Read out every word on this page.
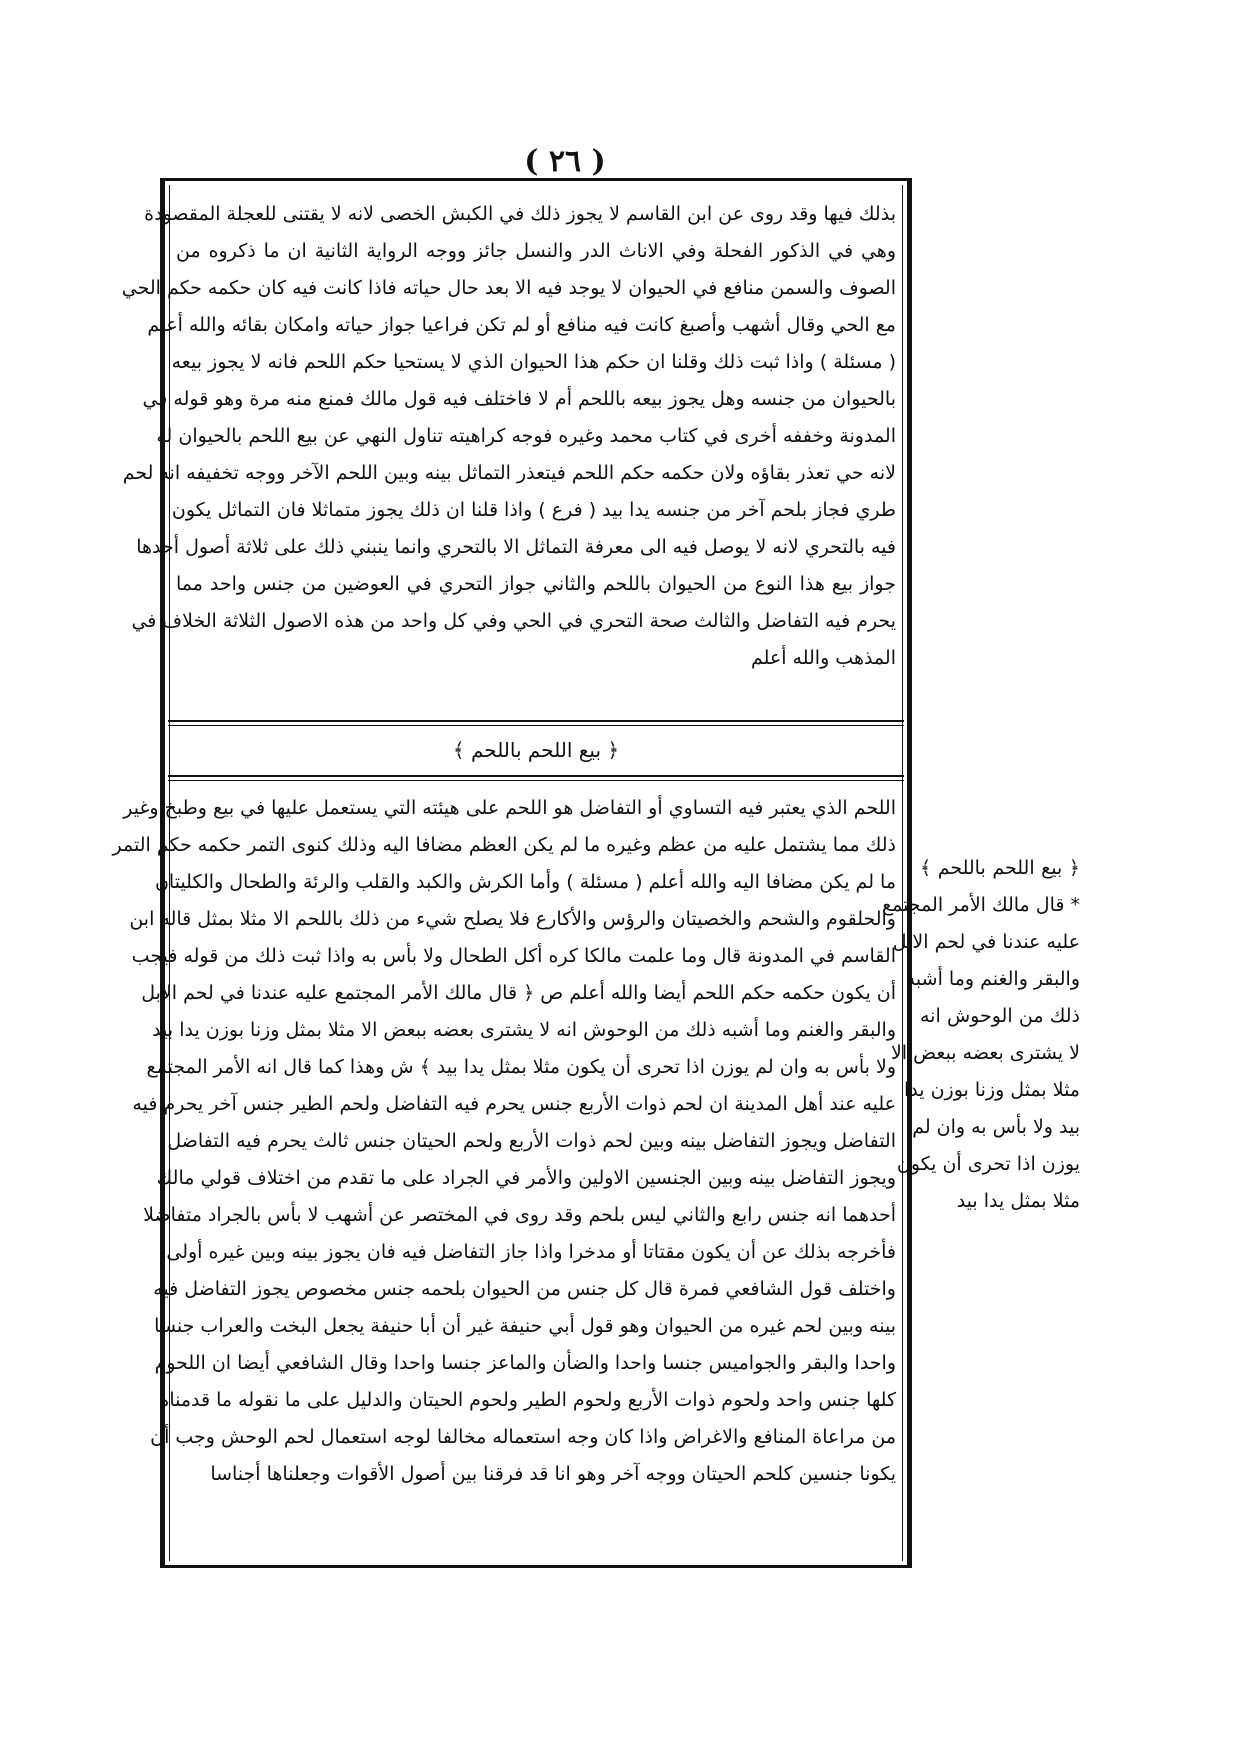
( ٢٦ )
بذلك فيها وقد روى عن ابن القاسم لا يجوز ذلك في الكبش الخصى لانه لا يقتنى للعجلة المقصودة
وهي في الذكور الفحلة وفي الاناث الدر والنسل جائز ووجه الرواية الثانية ان ما ذكروه من
الصوف والسمن منافع في الحيوان لا يوجد فيه الا بعد حال حياته فاذا كانت فيه كان حكمه حكم الحي
مع الحي وقال أشهب وأصبغ كانت فيه منافع أو لم تكن فراعيا جواز حياته وامكان بقائه والله أعلم
( مسئلة ) واذا ثبت ذلك وقلنا ان حكم هذا الحيوان الذي لا يستحيا حكم اللحم فانه لا يجوز بيعه
بالحيوان من جنسه وهل يجوز بيعه باللحم أم لا فاختلف فيه قول مالك فمنع منه مرة وهو قوله في
المدونة وخففه أخرى في كتاب محمد وغيره فوجه كراهيته تناول النهي عن بيع اللحم بالحيوان له
لانه حي تعذر بقاؤه ولان حكمه حكم اللحم فيتعذر التماثل بينه وبين اللحم الآخر ووجه تخفيفه انه لحم
طري فجاز بلحم آخر من جنسه يدا بيد ( فرع ) واذا قلنا ان ذلك يجوز متماثلا فان التماثل يكون
فيه بالتحري لانه لا يوصل فيه الى معرفة التماثل الا بالتحري وانما ينبني ذلك على ثلاثة أصول أحدها
جواز بيع هذا النوع من الحيوان باللحم والثاني جواز التحري في العوضين من جنس واحد مما
يحرم فيه التفاضل والثالث صحة التحري في الحي وفي كل واحد من هذه الاصول الثلاثة الخلاف في
المذهب والله أعلم
﴿ بيع اللحم باللحم ﴾
اللحم الذي يعتبر فيه التساوي أو التفاضل هو اللحم على هيئته التي يستعمل عليها في بيع وطبخ وغير
ذلك مما يشتمل عليه من عظم وغيره ما لم يكن العظم مضافا اليه وذلك كنوى التمر حكمه حكم التمر
ما لم يكن مضافا اليه والله أعلم ( مسئلة ) وأما الكرش والكبد والقلب والرئة والطحال والكليتان
والحلقوم والشحم والخصيتان والرؤس والأكارع فلا يصلح شيء من ذلك باللحم الا مثلا بمثل قاله ابن
القاسم في المدونة قال وما علمت مالكا كره أكل الطحال ولا بأس به واذا ثبت ذلك من قوله فيجب
أن يكون حكمه حكم اللحم أيضا والله أعلم ص ﴿ قال مالك الأمر المجتمع عليه عندنا في لحم الابل
والبقر والغنم وما أشبه ذلك من الوحوش انه لا يشترى بعضه ببعض الا مثلا بمثل وزنا بوزن يدا بيد
ولا بأس به وان لم يوزن اذا تحرى أن يكون مثلا بمثل يدا بيد ﴾ ش وهذا كما قال انه الأمر المجتمع
عليه عند أهل المدينة ان لحم ذوات الأربع جنس يحرم فيه التفاضل ولحم الطير جنس آخر يحرم فيه
التفاضل ويجوز التفاضل بينه وبين لحم ذوات الأربع ولحم الحيتان جنس ثالث يحرم فيه التفاضل
ويجوز التفاضل بينه وبين الجنسين الاولين والأمر في الجراد على ما تقدم من اختلاف قولي مالك
أحدهما انه جنس رابع والثاني ليس بلحم وقد روى في المختصر عن أشهب لا بأس بالجراد متفاضلا
فأخرجه بذلك عن أن يكون مقتاتا أو مدخرا واذا جاز التفاضل فيه فان يجوز بينه وبين غيره أولى
واختلف قول الشافعي فمرة قال كل جنس من الحيوان بلحمه جنس مخصوص يجوز التفاضل فيه
بينه وبين لحم غيره من الحيوان وهو قول أبي حنيفة غير أن أبا حنيفة يجعل البخت والعراب جنسا
واحدا والبقر والجواميس جنسا واحدا والضأن والماعز جنسا واحدا وقال الشافعي أيضا ان اللحوم
كلها جنس واحد ولحوم ذوات الأربع ولحوم الطير ولحوم الحيتان والدليل على ما نقوله ما قدمناه
من مراعاة المنافع والاغراض واذا كان وجه استعماله مخالفا لوجه استعمال لحم الوحش وجب أن
يكونا جنسين كلحم الحيتان ووجه آخر وهو انا قد فرقنا بين أصول الأقوات وجعلناها أجناسا
﴿ بيع اللحم باللحم ﴾
* قال مالك الأمر المجتمع
عليه عندنا في لحم الابل
والبقر والغنم وما أشبه
ذلك من الوحوش انه
لا يشترى بعضه ببعض الا
مثلا بمثل وزنا بوزن يدا
بيد ولا بأس به وان لم
يوزن اذا تحرى أن يكون
مثلا بمثل يدا بيد
